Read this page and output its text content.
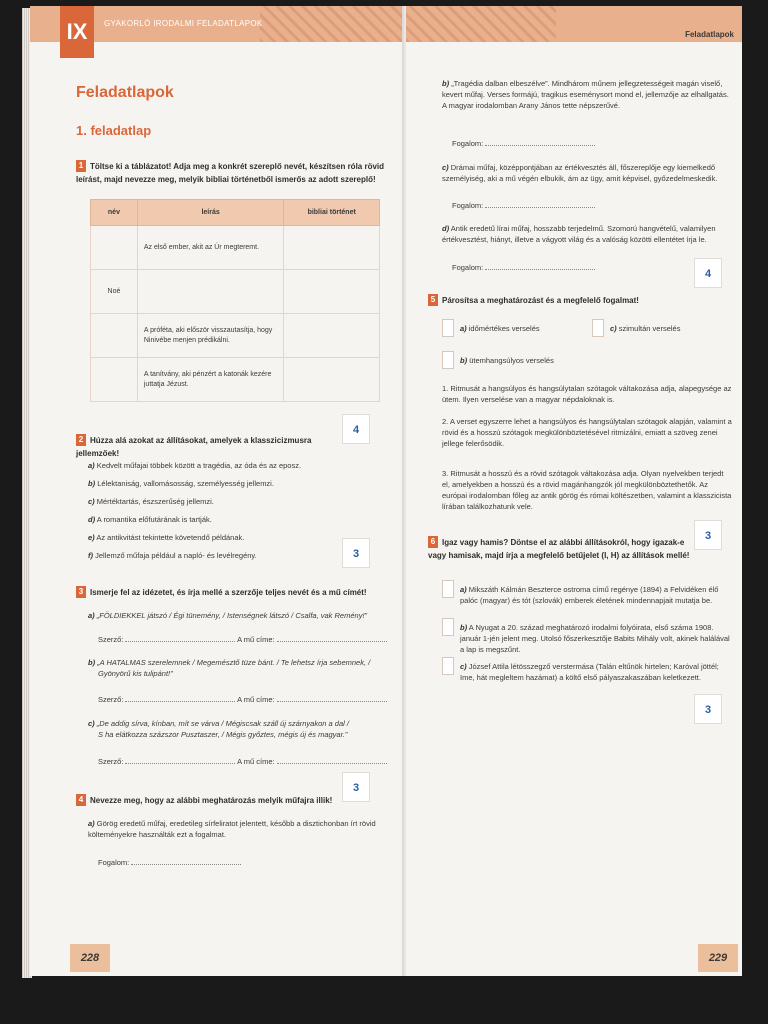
IX	GYAKORLÓ IRODALMI FELADATLAPOK
Feladatlapok
1. feladatlap
1 Töltse ki a táblázatot! Adja meg a konkrét szereplő nevét, készítsen róla rövid leírást, majd nevezze meg, melyik bibliai történetből ismerős az adott szereplő!
név	leírás	bibliai történet
	Az első ember, akit az Úr megteremt.	
Noé		
	A próféta, aki először visszautasítja, hogy Ninivébe menjen prédikálni.	
	A tanítvány, aki pénzért a katonák kezére juttatja Jézust.	
4
2 Húzza alá azokat az állításokat, amelyek a klasszicizmusra jellemzőek!
a) Kedvelt műfajai többek között a tragédia, az óda és az eposz.
b) Lélektaniság, vallomásosság, személyesség jellemzi.
c) Mértéktartás, észszerűség jellemzi.
d) A romantika előfutárának is tartják.
e) Az antikvitást tekintette követendő példának.
f) Jellemző műfaja például a napló- és levélregény.	3
3 Ismerje fel az idézetet, és írja mellé a szerzője teljes nevét és a mű címét!
a) „FÖLDIEKKEL játszó / Égi tünemény, / Istenségnek látszó / Csalfa, vak Remény!”
Szerző:	A mű címe:
b) „A HATALMAS szerelemnek / Megemésztő tüze bánt. / Te lehetsz írja sebemnek, /
Gyönyörű kis tulipánt!”
Szerző:	A mű címe:
c) „De addig sírva, kínban, mít se várva / Mégiscsak száll új szárnyakon a dal /
S ha elátkozza százszor Pusztaszer, / Mégis győztes, mégis új és magyar.”
Szerző:	A mű címe:
3
4 Nevezze meg, hogy az alábbi meghatározás melyik műfajra illik!
a) Görög eredetű műfaj, eredetileg sírfeliratot jelentett, később a disztichonban írt rövid költeményekre használták ezt a fogalmat.
Fogalom:
228
Feladatlapok
b) „Tragédia dalban elbeszélve”. Mindhárom műnem jellegzetességeit magán viselő, kevert műfaj. Verses formájú, tragikus eseménysort mond el, jellemzője az elhallgatás. A magyar irodalomban Arany János tette népszerűvé.
Fogalom:
c) Drámai műfaj, középpontjában az értékvesztés áll, főszereplője egy kiemelkedő személyiség, aki a mű végén elbukik, ám az ügy, amit képvisel, győzedelmeskedik.
Fogalom:
d) Antik eredetű lírai műfaj, hosszabb terjedelmű. Szomorú hangvételű, valamilyen értékvesztést, hiányt, illetve a vágyott világ és a valóság közötti ellentétet írja le.
Fogalom:
4
5 Párosítsa a meghatározást és a megfelelő fogalmat!
a) időmértékes verselés	c) szimultán verselés
b) ütemhangsúlyos verselés
1. Ritmusát a hangsúlyos és hangsúlytalan szótagok váltakozása adja, alapegysége az ütem. Ilyen verselése van a magyar népdaloknak is.
2. A verset egyszerre lehet a hangsúlyos és hangsúlytalan szótagok alapján, valamint a rövid és a hosszú szótagok megkülönböztetésével ritmizálni, emiatt a szöveg zenei jellege felerősödik.
3. Ritmusát a hosszú és a rövid szótagok váltakozása adja. Olyan nyelvekben terjedt el, amelyekben a hosszú és a rövid magánhangzók jól megkülönböztethetők. Az európai irodalomban főleg az antik görög és római költészetben, valamint a klasszicista lírában találkozhatunk vele.
6 Igaz vagy hamis? Döntse el az alábbi állításokról, hogy igazak-e vagy hamisak, majd írja a megfelelő betűjelet (I, H) az állítások mellé!
3
a) Mikszáth Kálmán Beszterce ostroma című regénye (1894) a Felvidéken élő palóc (magyar) és tót (szlovák) emberek életének mindennapjait mutatja be.
b) A Nyugat a 20. század meghatározó irodalmi folyóirata, első száma 1908. január 1-jén jelent meg. Utolsó főszerkesztője Babits Mihály volt, akinek halálával a lap is megszűnt.
c) József Attila létösszegző verstermása (Talán eltűnök hirtelen; Karóval jöttél; Ime, hát megleltem hazámat) a költő első pályaszakaszában keletkezett.
3
229
